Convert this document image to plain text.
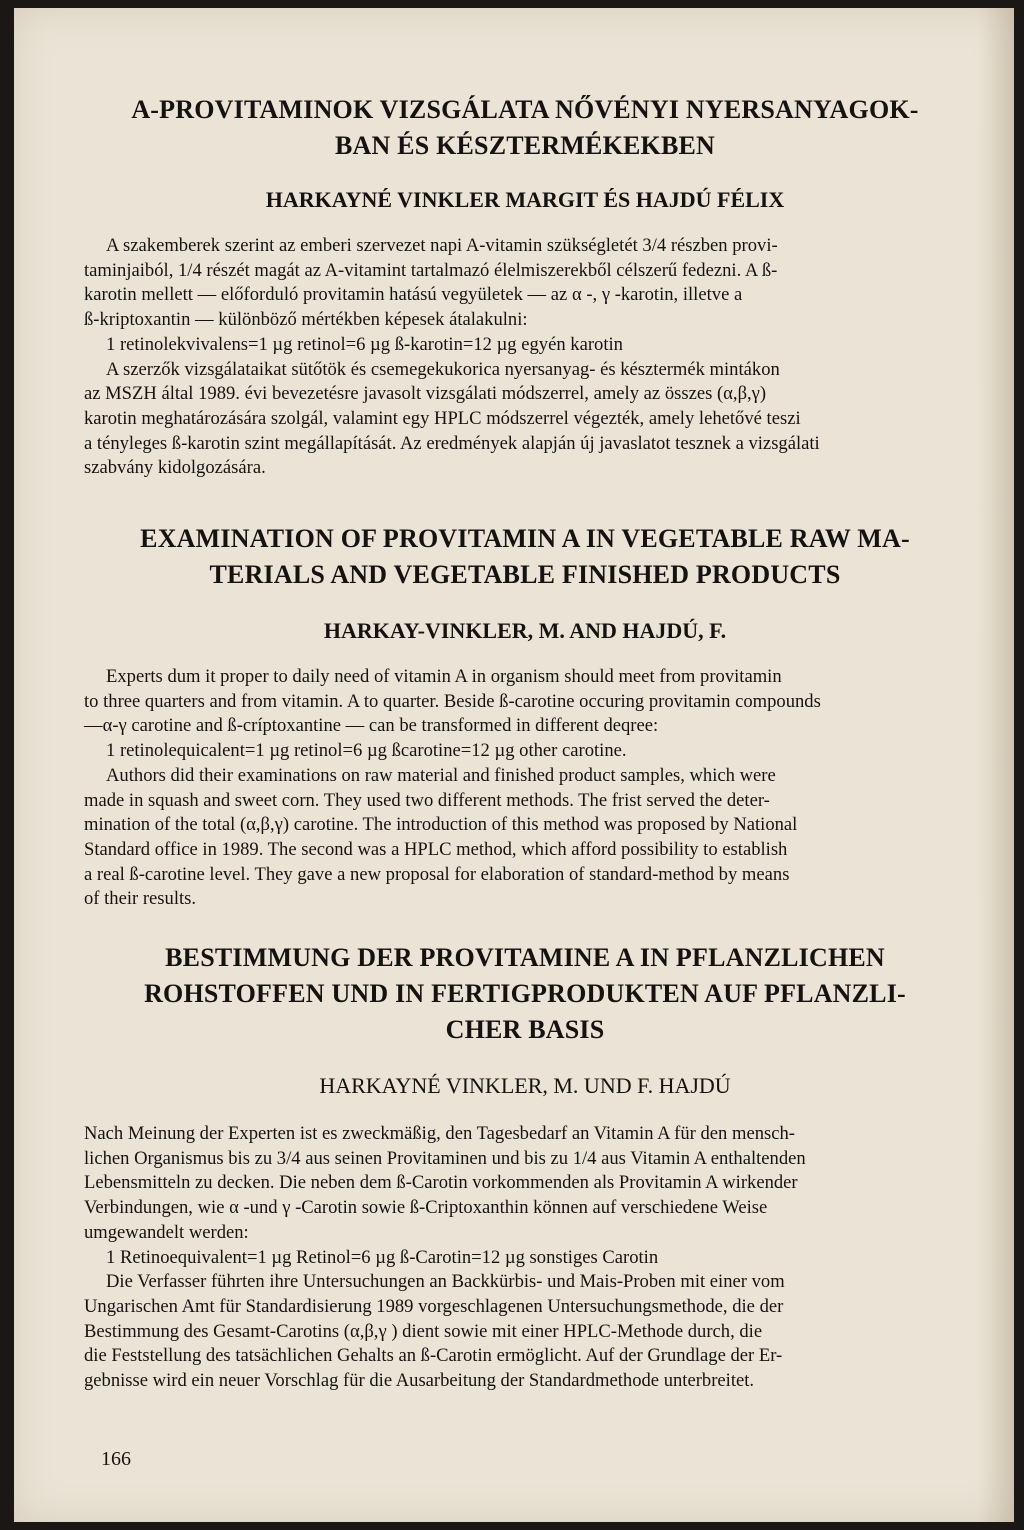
A-PROVITAMINOK VIZSGÁLATA NŐVÉNYI NYERSANYAGOK-
BAN ÉS KÉSZTERMÉKEKBEN

HARKAYNÉ VINKLER MARGIT ÉS HAJDÚ FÉLIX

A szakemberek szerint az emberi szervezet napi A-vitamin szükségletét 3/4 részben provi-
taminjaiból, 1/4 részét magát az A-vitamint tartalmazó élelmiszerekből célszerű fedezni. A ß-
karotin mellett — előforduló provitamin hatású vegyületek — az α -, γ -karotin, illetve a
ß-kriptoxantin — különböző mértékben képesek átalakulni:
1 retinolekvivalens=1 µg retinol=6 µg ß-karotin=12 µg egyén karotin
A szerzők vizsgálataikat sütőtök és csemegekukorica nyersanyag- és késztermék mintákon
az MSZH által 1989. évi bevezetésre javasolt vizsgálati módszerrel, amely az összes (α,β,γ)
karotin meghatározására szolgál, valamint egy HPLC módszerrel végezték, amely lehetővé teszi
a tényleges ß-karotin szint megállapítását. Az eredmények alapján új javaslatot tesznek a vizsgálati
szabvány kidolgozására.

EXAMINATION OF PROVITAMIN A IN VEGETABLE RAW MA-
TERIALS AND VEGETABLE FINISHED PRODUCTS

HARKAY-VINKLER, M. AND HAJDÚ, F.

Experts dum it proper to daily need of vitamin A in organism should meet from provitamin
to three quarters and from vitamin. A to quarter. Beside ß-carotine occuring provitamin compounds
—α-γ carotine and ß-críptoxantine — can be transformed in different deqree:
1 retinolequicalent=1 µg retinol=6 µg ßcarotine=12 µg other carotine.
Authors did their examinations on raw material and finished product samples, which were
made in squash and sweet corn. They used two different methods. The frist served the deter-
mination of the total (α,β,γ) carotine. The introduction of this method was proposed by National
Standard office in 1989. The second was a HPLC method, which afford possibility to establish
a real ß-carotine level. They gave a new proposal for elaboration of standard-method by means
of their results.

BESTIMMUNG DER PROVITAMINE A IN PFLANZLICHEN
ROHSTOFFEN UND IN FERTIGPRODUKTEN AUF PFLANZLI-
CHER BASIS

HARKAYNÉ VINKLER, M. UND F. HAJDÚ

Nach Meinung der Experten ist es zweckmäßig, den Tagesbedarf an Vitamin A für den mensch-
lichen Organismus bis zu 3/4 aus seinen Provitaminen und bis zu 1/4 aus Vitamin A enthaltenden
Lebensmitteln zu decken. Die neben dem ß-Carotin vorkommenden als Provitamin A wirkender
Verbindungen, wie α -und γ -Carotin sowie ß-Criptoxanthin können auf verschiedene Weise
umgewandelt werden:
1 Retinoequivalent=1 µg Retinol=6 µg ß-Carotin=12 µg sonstiges Carotin
Die Verfasser führten ihre Untersuchungen an Backkürbis- und Mais-Proben mit einer vom
Ungarischen Amt für Standardisierung 1989 vorgeschlagenen Untersuchungsmethode, die der
Bestimmung des Gesamt-Carotins (α,β,γ ) dient sowie mit einer HPLC-Methode durch, die
die Feststellung des tatsächlichen Gehalts an ß-Carotin ermöglicht. Auf der Grundlage der Er-
gebnisse wird ein neuer Vorschlag für die Ausarbeitung der Standardmethode unterbreitet.

166
